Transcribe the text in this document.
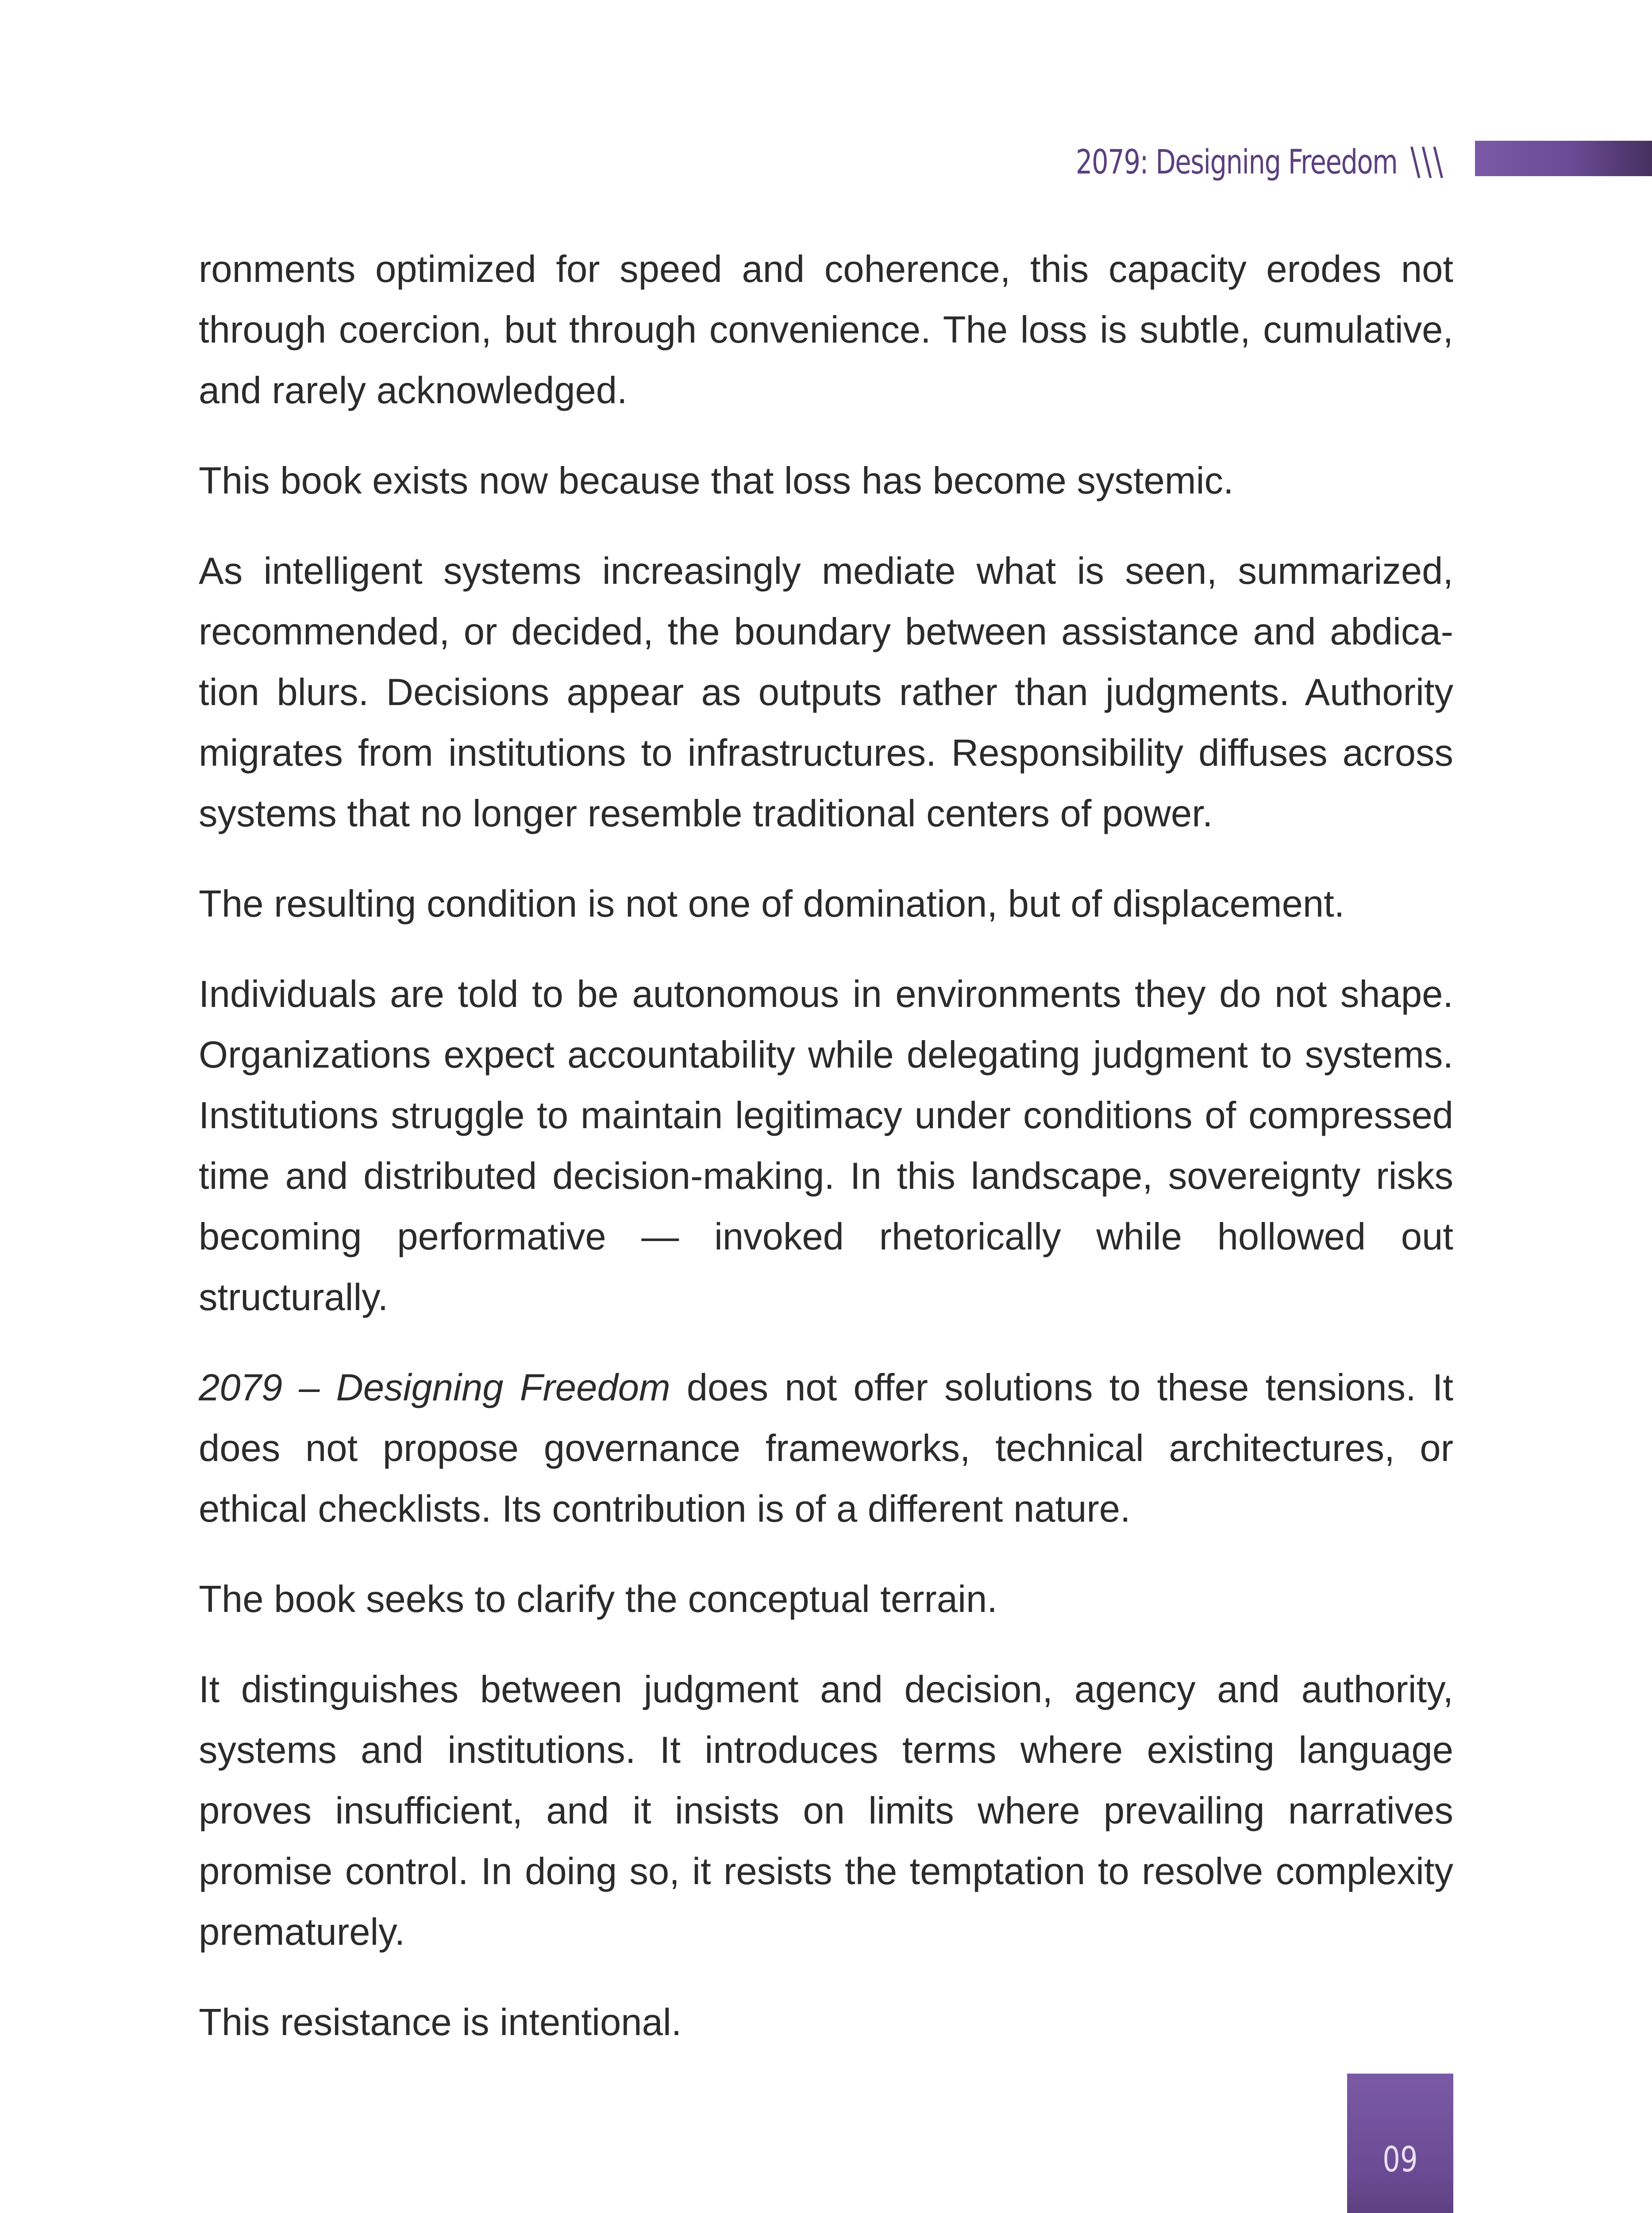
2079: Designing Freedom \\\

ronments optimized for speed and coherence, this capacity erodes not through coercion, but through convenience. The loss is subtle, cumulative, and rarely acknowledged.

This book exists now because that loss has become systemic.

As intelligent systems increasingly mediate what is seen, summarized, recommended, or decided, the boundary between assistance and abdication blurs. Decisions appear as outputs rather than judgments. Authority migrates from institutions to infrastructures. Responsibility diffuses across systems that no longer resemble traditional centers of power.

The resulting condition is not one of domination, but of displacement.

Individuals are told to be autonomous in environments they do not shape. Organizations expect accountability while delegating judgment to systems. Institutions struggle to maintain legitimacy under conditions of compressed time and distributed decision-making. In this landscape, sovereignty risks becoming performative — invoked rhetorically while hollowed out structurally.

2079 – Designing Freedom does not offer solutions to these tensions. It does not propose governance frameworks, technical architectures, or ethical checklists. Its contribution is of a different nature.

The book seeks to clarify the conceptual terrain.

It distinguishes between judgment and decision, agency and authority, systems and institutions. It introduces terms where existing language proves insufficient, and it insists on limits where prevailing narratives promise control. In doing so, it resists the temptation to resolve complexity prematurely.

This resistance is intentional.

09
